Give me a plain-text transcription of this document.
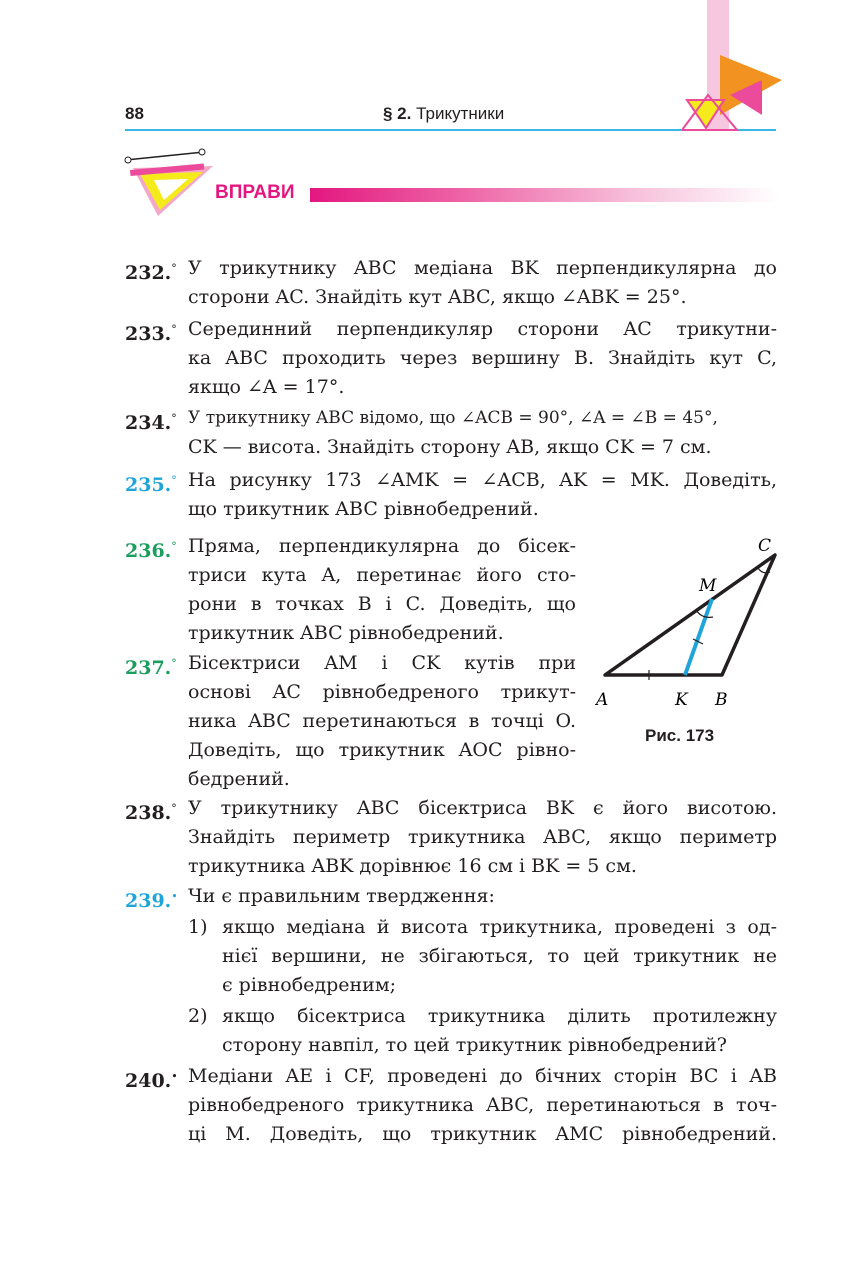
88	§ 2. Трикутники
ВПРАВИ
232.° У трикутнику ABC медіана BK перпендикулярна до
сторони AC. Знайдіть кут ABC, якщо ∠ABK = 25°.
233.° Серединний перпендикуляр сторони AC трикутни-
ка ABC проходить через вершину B. Знайдіть кут C,
якщо ∠A = 17°.
234.° У трикутнику ABC відомо, що ∠ACB = 90°, ∠A = ∠B = 45°,
CK — висота. Знайдіть сторону AB, якщо CK = 7 см.
235.° На рисунку 173 ∠AMK = ∠ACB, AK = MK. Доведіть,
що трикутник ABC рівнобедрений.
236.° Пряма, перпендикулярна до бісек-
триси кута A, перетинає його сто-
рони в точках B і C. Доведіть, що
трикутник ABC рівнобедрений.
237.° Бісектриси AM і CK кутів при
основі AC рівнобедреного трикут-
ника ABC перетинаються в точці O.
Доведіть, що трикутник AOC рівно-
бедрений.
A	K B
C
M
Рис. 173
238.° У трикутнику ABC бісектриса BK є його висотою.
Знайдіть периметр трикутника ABC, якщо периметр
трикутника ABK дорівнює 16 см і BK = 5 см.
239.• Чи є правильним твердження:
1) якщо медіана й висота трикутника, проведені з од-
нієї вершини, не збігаються, то цей трикутник не
є рівнобедреним;
2) якщо бісектриса трикутника ділить протилежну
сторону навпіл, то цей трикутник рівнобедрений?
240.• Медіани AE і CF, проведені до бічних сторін BC і AB
рівнобедреного трикутника ABC, перетинаються в точ-
ці M. Доведіть, що трикутник AMC рівнобедрений.
